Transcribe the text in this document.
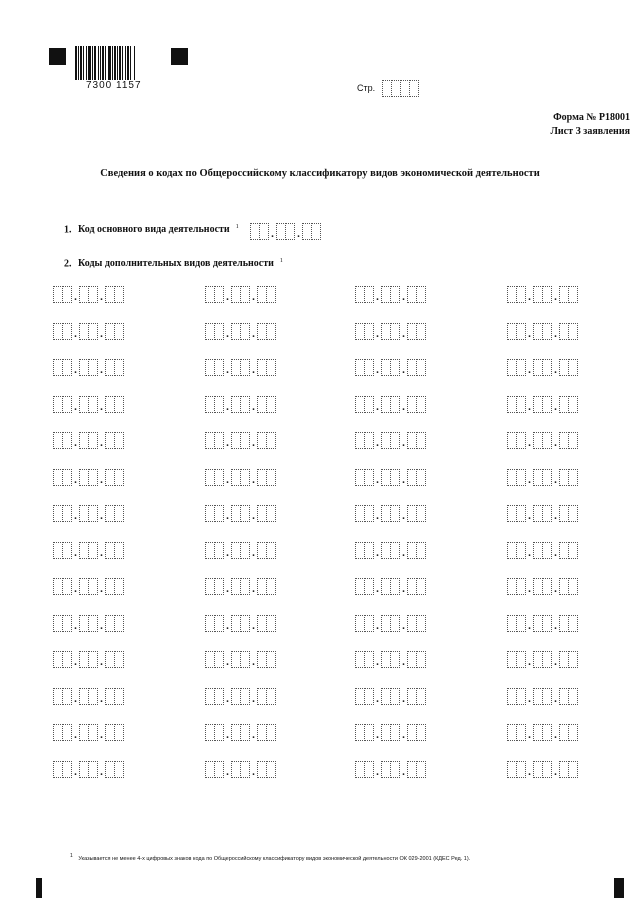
7300 1157	Стр.
Форма № Р18001
Лист З заявления
Сведения о кодах по Общероссийскому классификатору видов экономической деятельности
1. Код основного вида деятельности $^1$
. .
2. Коды дополнительных видов деятельности $^1$
. .	. .	. .	. .
. .	. .	. .	. .
. .	. .	. .	. .
. .	. .	. .	. .
. .	. .	. .	. .
. .	. .	. .	. .
. .	. .	. .	. .
. .	. .	. .	. .
. .	. .	. .	. .
. .	. .	. .	. .
. .	. .	. .	. .
. .	. .	. .	. .
. .	. .	. .	. .
. .	. .	. .	. .
$^1$ Указывается не менее 4-х цифровых знаков кода по Общероссийскому классификатору видов экономической деятельности ОК 029-2001 (КДЕС Ред. 1).
